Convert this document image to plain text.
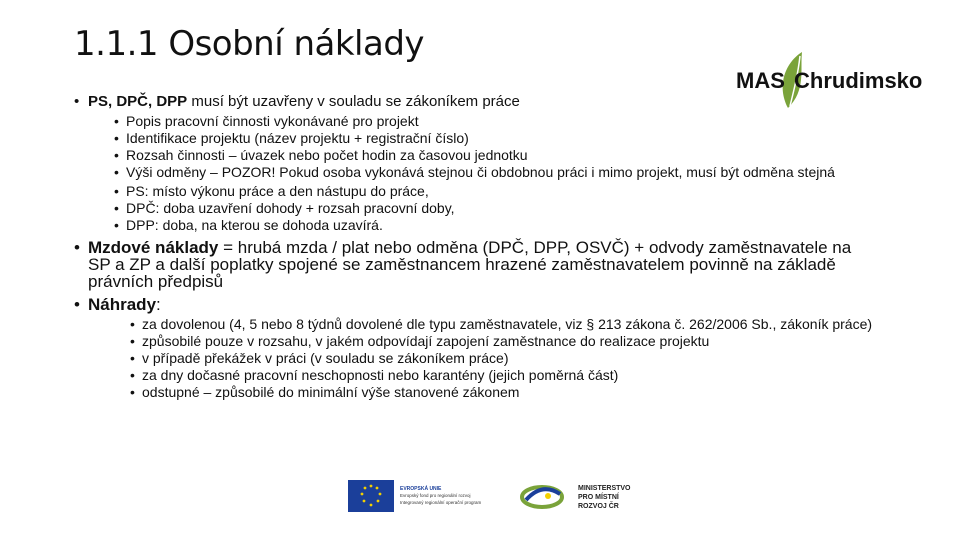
1.1.1 Osobní náklady
MAS Chrudimsko
• PS, DPČ, DPP musí být uzavřeny v souladu se zákoníkem práce
• Popis pracovní činnosti vykonávané pro projekt
• Identifikace projektu (název projektu + registrační číslo)
• Rozsah činnosti – úvazek nebo počet hodin za časovou jednotku
• Výši odměny – POZOR! Pokud osoba vykonává stejnou či obdobnou práci i mimo projekt, musí být odměna stejná
• PS: místo výkonu práce a den nástupu do práce,
• DPČ: doba uzavření dohody + rozsah pracovní doby,
• DPP: doba, na kterou se dohoda uzavírá.
• Mzdové náklady = hrubá mzda / plat nebo odměna (DPČ, DPP, OSVČ) + odvody zaměstnavatele na SP a ZP a další poplatky spojené se zaměstnancem hrazené zaměstnavatelem povinně na základě právních předpisů
• Náhrady:
• za dovolenou (4, 5 nebo 8 týdnů dovolené dle typu zaměstnavatele, viz § 213 zákona č. 262/2006 Sb., zákoník práce)
• způsobilé pouze v rozsahu, v jakém odpovídají zapojení zaměstnance do realizace projektu
• v případě překážek v práci (v souladu se zákoníkem práce)
• za dny dočasné pracovní neschopnosti nebo karantény (jejich poměrná část)
• odstupné – způsobilé do minimální výše stanovené zákonem
EVROPSKÁ UNIE
Evropský fond pro regionální rozvoj
Integrovaný regionální operační program
MINISTERSTVO
PRO MÍSTNÍ
ROZVOJ ČR
